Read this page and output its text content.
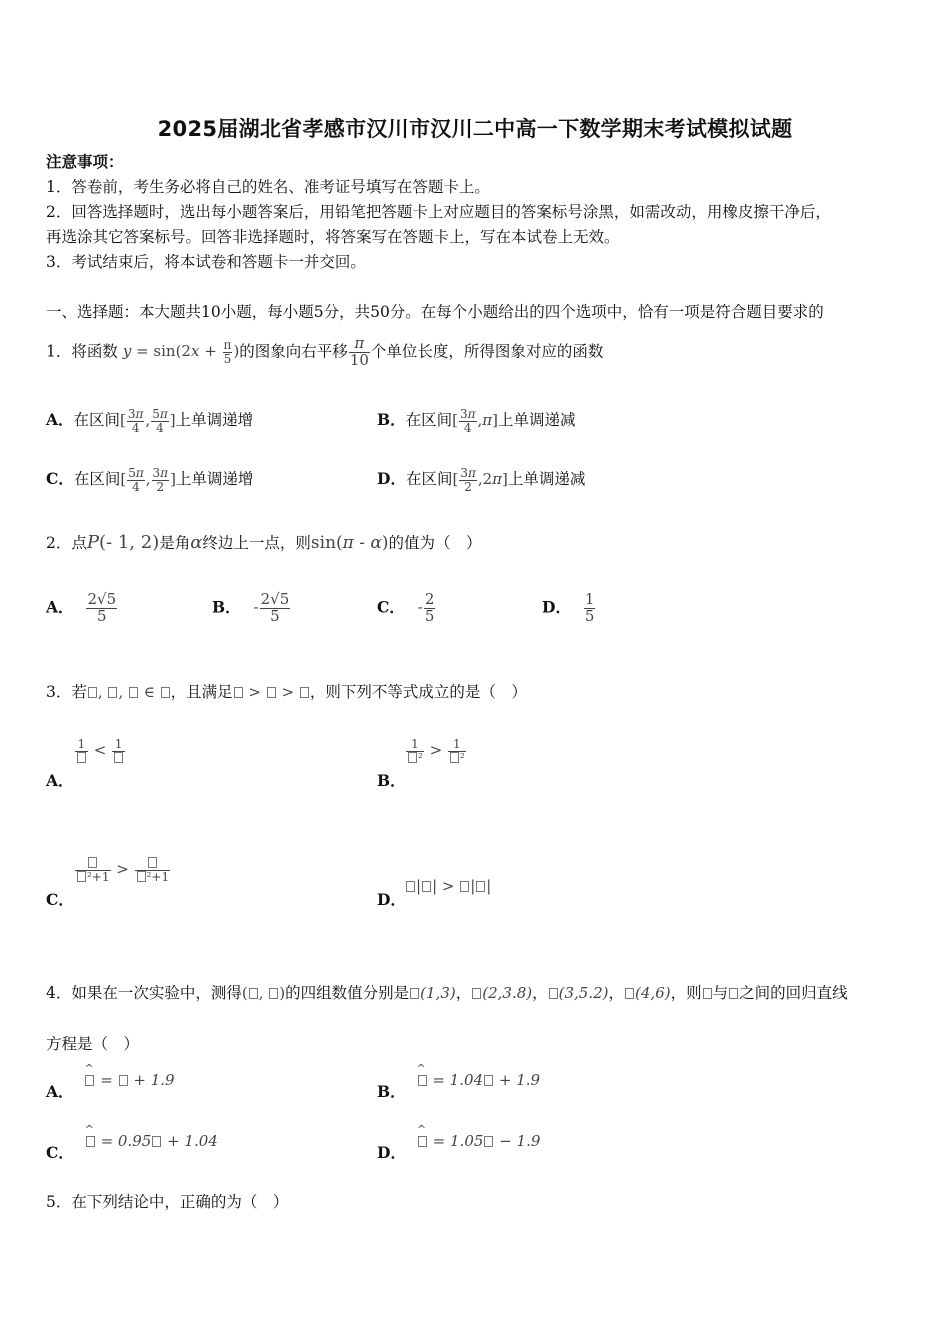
2025届湖北省孝感市汉川市汉川二中高一下数学期末考试模拟试题
注意事项：
1．答卷前，考生务必将自己的姓名、准考证号填写在答题卡上。
2．回答选择题时，选出每小题答案后，用铅笔把答题卡上对应题目的答案标号涂黑，如需改动，用橡皮擦干净后，
再选涂其它答案标号。回答非选择题时，将答案写在答题卡上，写在本试卷上无效。
3．考试结束后，将本试卷和答题卡一并交回。
一、选择题：本大题共10小题，每小题5分，共50分。在每个小题给出的四个选项中，恰有一项是符合题目要求的
1．将函数 $y = \sin(2x + \frac{\pi}{5}$ )的图象向右平移 $\frac{\pi}{10}$ 个单位长度，所得图象对应的函数
A．在区间[ $\frac{3\pi}{4}$ , $\frac{5\pi}{4}$ ]上单调递增	B．在区间[ $\frac{3\pi}{4} ,\pi$]上单调递减
C．在区间[ $\frac{5\pi}{4}$ , $\frac{3\pi}{2}$ ]上单调递增	D．在区间[ $\frac{3\pi}{2} ,2\pi$]上单调递减
2．点P(- 1, 2)是角α终边上一点，则sin(π - α)的值为（　）
A． $\frac{2√5}{5}$	B． - $\frac{2√5}{5}$	C． - $\frac{2}{5}$	D． $\frac{1}{5}$
3．若 , ,  ∈ ，且满足 >  > ，则下列不等式成立的是（　）
1 < 1
A．
$\frac{1}{\text{²}} > \frac{1}{\text{²}}$
B．
²+1 >	²+1
C．
| | > | |
D．
4．如果在一次实验中，测得( , )的四组数值分别是 (1,3)， (2,3.8)， (3,5.2)， (4,6)，则 与 之间的回归直线
方程是（　）
A． ^  =  + 1.9
B． ^  = 1.04 + 1.9
C． ^  = 0.95 + 1.04
D． ^  = 1.05 − 1.9
5．在下列结论中，正确的为（　）
